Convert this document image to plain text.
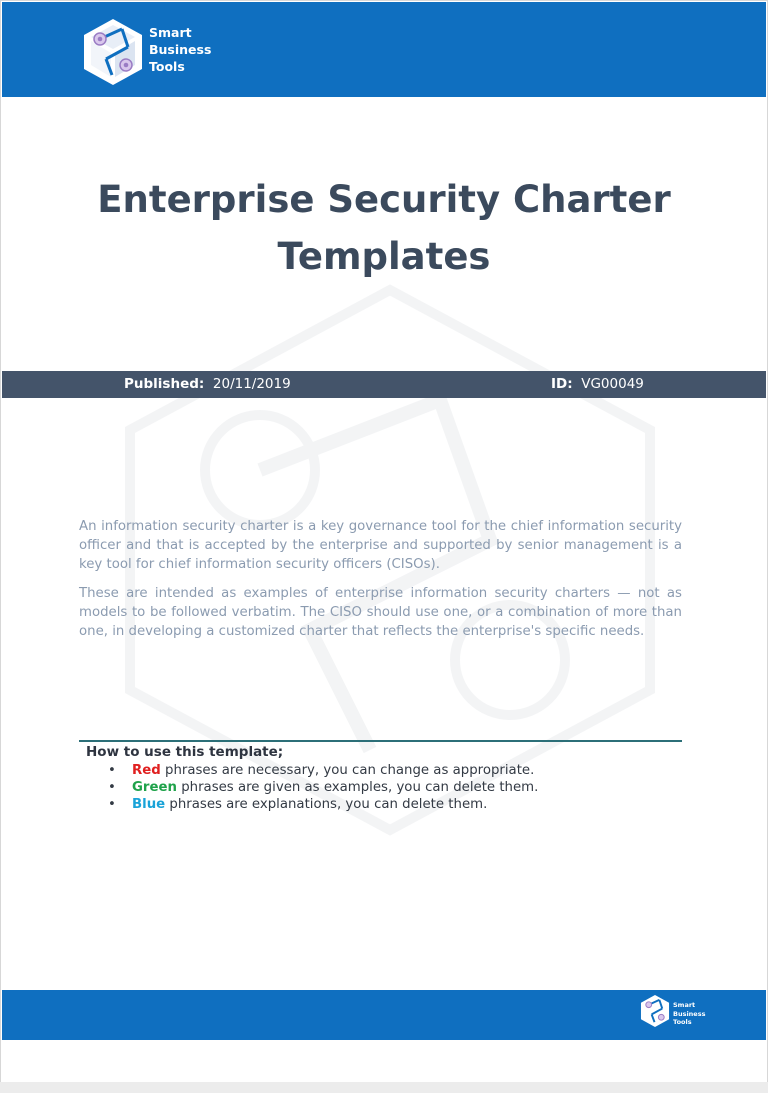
Smart
Business
Tools
Enterprise Security Charter
Templates
Published: 20/11/2019	ID: VG00049

An information security charter is a key governance tool for the chief information security officer and that is accepted by the enterprise and supported by senior management is a key tool for chief information security officers (CISOs).

These are intended as examples of enterprise information security charters — not as models to be followed verbatim. The CISO should use one, or a combination of more than one, in developing a customized charter that reflects the enterprise's specific needs.

How to use this template;
• Red phrases are necessary, you can change as appropriate.
• Green phrases are given as examples, you can delete them.
• Blue phrases are explanations, you can delete them.
Smart
Business
Tools
